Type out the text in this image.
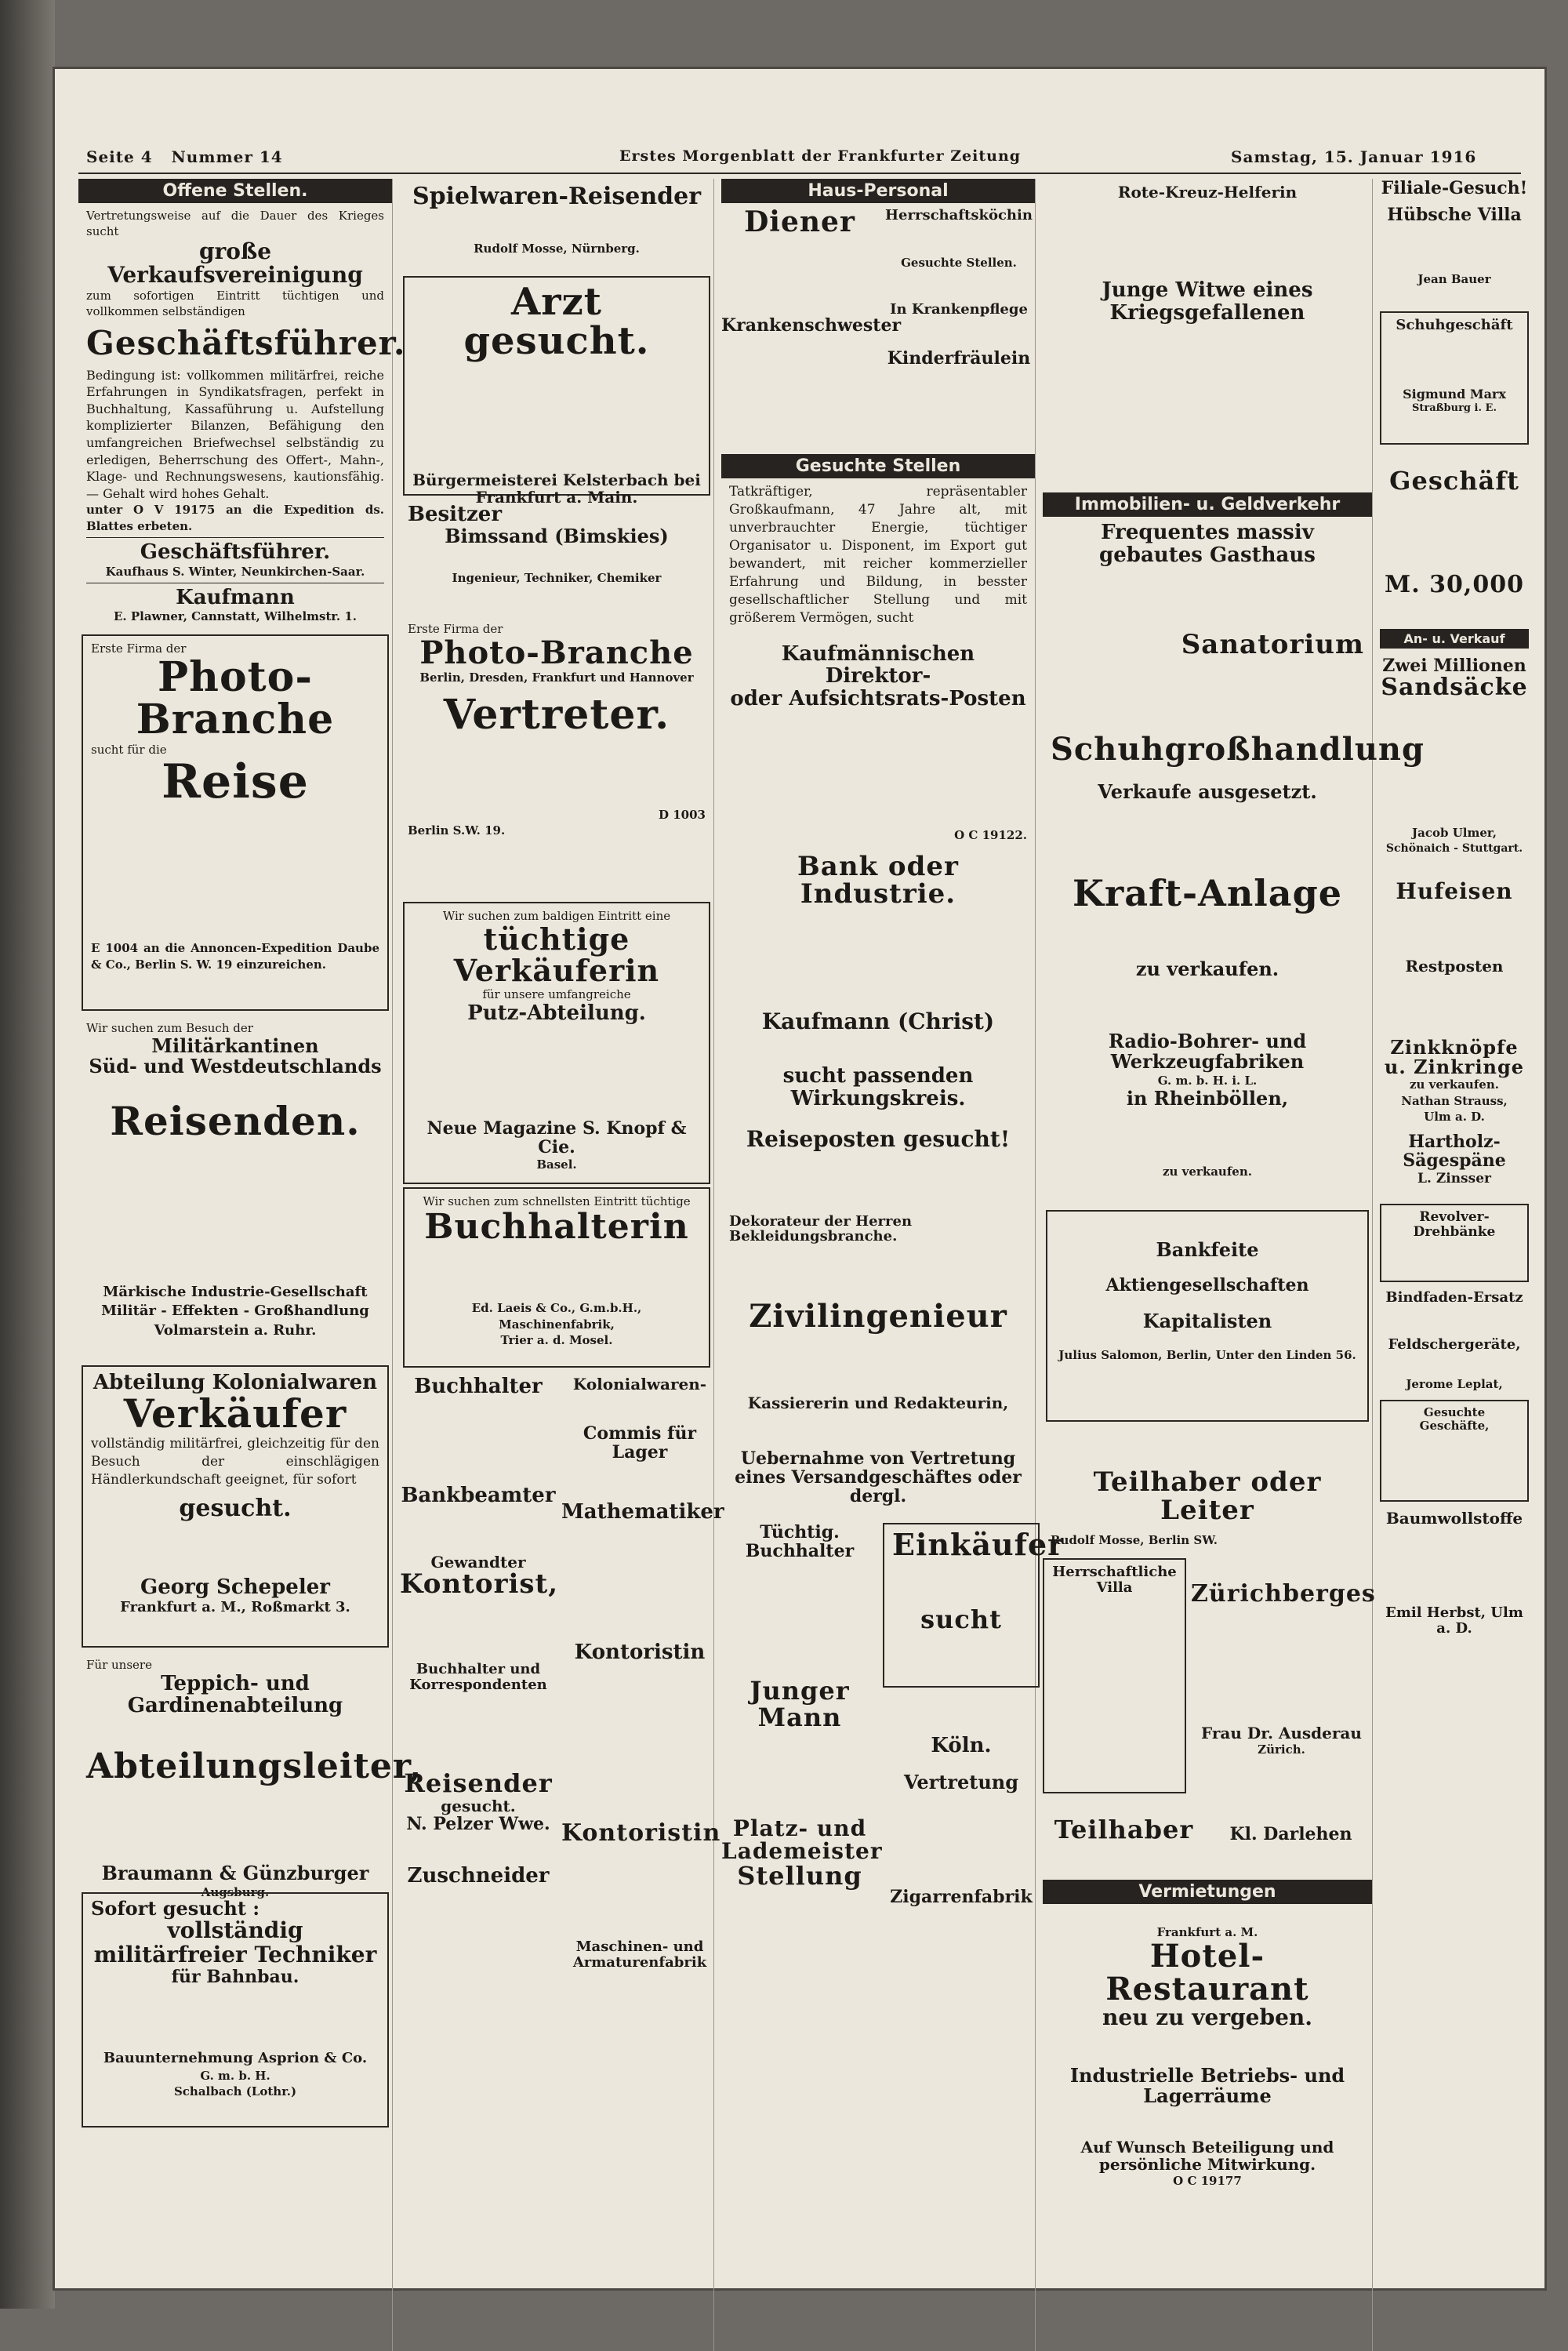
Seite 4 Nummer 14	Erstes Morgenblatt der Frankfurter Zeitung	Samstag, 15. Januar 1916
Offene Stellen.
Vertretungsweise auf die Dauer des Krieges sucht
große Verkaufsvereinigung
zum sofortigen Eintritt tüchtigen und vollkommen selbständigen
Geschäftsführer.
Bedingung ist: vollkommen militärfrei, reiche Erfahrungen in Syndikatsfragen, perfekt in Buchhaltung, Kassaführung u. Aufstellung komplizierter Bilanzen, Befähigung den umfangreichen Briefwechsel selbständig zu erledigen, Beherrschung des Offert-, Mahn-, Klage- und Rechnungswesens, kautionsfähig. — Gehalt wird hohes Gehalt.
unter O V 19175 an die Expedition ds. Blattes erbeten.
Geschäftsführer.
Kaufhaus S. Winter, Neunkirchen-Saar.
Kaufmann
E. Plawner, Cannstatt, Wilhelmstr. 1.
Erste Firma der
Photo-Branche
sucht für die
Reise
E 1004 an die Annoncen-Expedition Daube & Co., Berlin S. W. 19 einzureichen.
Wir suchen zum Besuch der
Militärkantinen
Süd- und Westdeutschlands
Reisenden.
Märkische Industrie-Gesellschaft
Militär - Effekten - Großhandlung
Volmarstein a. Ruhr.
Abteilung Kolonialwaren
Verkäufer
vollständig militärfrei, gleichzeitig für den Besuch der einschlägigen Händlerkundschaft geeignet, für sofort
gesucht.
Georg Schepeler
Frankfurt a. M., Roßmarkt 3.
Für unsere
Teppich- und Gardinenabteilung
Abteilungsleiter,
Braumann & Günzburger
Augsburg.
Sofort gesucht :
vollständig militärfreier Techniker
für Bahnbau.
Bauunternehmung Asprion & Co.
G. m. b. H.
Schalbach (Lothr.)
Spielwaren-Reisender
Rudolf Mosse, Nürnberg.
Arzt gesucht.
Bürgermeisterei Kelsterbach bei Frankfurt a. Main.
Besitzer
Bimssand (Bimskies)
Ingenieur, Techniker, Chemiker
Erste Firma der
Photo-Branche
Berlin, Dresden, Frankfurt und Hannover
Vertreter.
D 1003
Berlin S.W. 19.
Wir suchen zum baldigen Eintritt eine
tüchtige Verkäuferin
für unsere umfangreiche
Putz-Abteilung.
Neue Magazine S. Knopf & Cie.
Basel.
Wir suchen zum schnellsten Eintritt tüchtige
Buchhalterin
Ed. Laeis & Co., G.m.b.H., Maschinenfabrik,
Trier a. d. Mosel.
Buchhalter
Bankbeamter
Gewandter
Kontorist,
Buchhalter und Korrespondenten
Reisender
gesucht.
N. Pelzer Wwe.
Zuschneider
Kolonialwaren-
Commis für Lager
Mathematiker
Kontoristin
Kontoristin
Maschinen- und Armaturenfabrik
Haus-Personal
Diener
Krankenschwester
Herrschaftsköchin
Gesuchte Stellen.
In Krankenpflege
Kinderfräulein
Gesuchte Stellen
Tatkräftiger, repräsentabler Großkaufmann, 47 Jahre alt, mit unverbrauchter Energie, tüchtiger Organisator u. Disponent, im Export gut bewandert, mit reicher kommerzieller Erfahrung und Bildung, in besster gesellschaftlicher Stellung und mit größerem Vermögen, sucht
Kaufmännischen Direktor-
oder Aufsichtsrats-Posten
O C 19122.
Bank oder Industrie.
Kaufmann (Christ)
sucht passenden Wirkungskreis.
Reiseposten gesucht!
Dekorateur der Herren Bekleidungsbranche.
Zivilingenieur
Kassiererin und Redakteurin,
Uebernahme von Vertretung
eines Versandgeschäftes oder dergl.
Tüchtig. Buchhalter
Junger Mann
Platz- und Lademeister
Stellung
Einkäufer
sucht
Köln.
Vertretung
Zigarrenfabrik
Rote-Kreuz-Helferin
Junge Witwe eines Kriegsgefallenen
Immobilien- u. Geldverkehr
Frequentes massiv gebautes Gasthaus
Sanatorium
Schuhgroßhandlung
Verkaufe ausgesetzt.
Kraft-Anlage
zu verkaufen.
Radio-Bohrer- und Werkzeugfabriken
G. m. b. H. i. L.
in Rheinböllen,
zu verkaufen.
Bankfeite
Aktiengesellschaften
Kapitalisten
Julius Salomon, Berlin, Unter den Linden 56.
Teilhaber oder Leiter
Rudolf Mosse, Berlin SW.
Herrschaftliche Villa	Zürichberges
Frau Dr. Ausderau
Zürich.
Teilhaber	Kl. Darlehen
Vermietungen
Frankfurt a. M.
Hotel-Restaurant
neu zu vergeben.
Industrielle Betriebs- und Lagerräume
Auf Wunsch Beteiligung und persönliche Mitwirkung.
O C 19177
Filiale-Gesuch!
Hübsche Villa
Jean Bauer
Schuhgeschäft
Sigmund Marx
Straßburg i. E.
Geschäft
M. 30,000
An- u. Verkauf
Zwei Millionen
Sandsäcke
Jacob Ulmer,
Schönaich - Stuttgart.
Hufeisen
Restposten
Zinkknöpfe u. Zinkringe
zu verkaufen.
Nathan Strauss,
Ulm a. D.
Hartholz-Sägespäne
L. Zinsser
Revolver-Drehbänke
Bindfaden-Ersatz
Feldschergeräte,
Jerome Leplat,
Gesuchte Geschäfte,
Baumwollstoffe
Emil Herbst, Ulm a. D.
